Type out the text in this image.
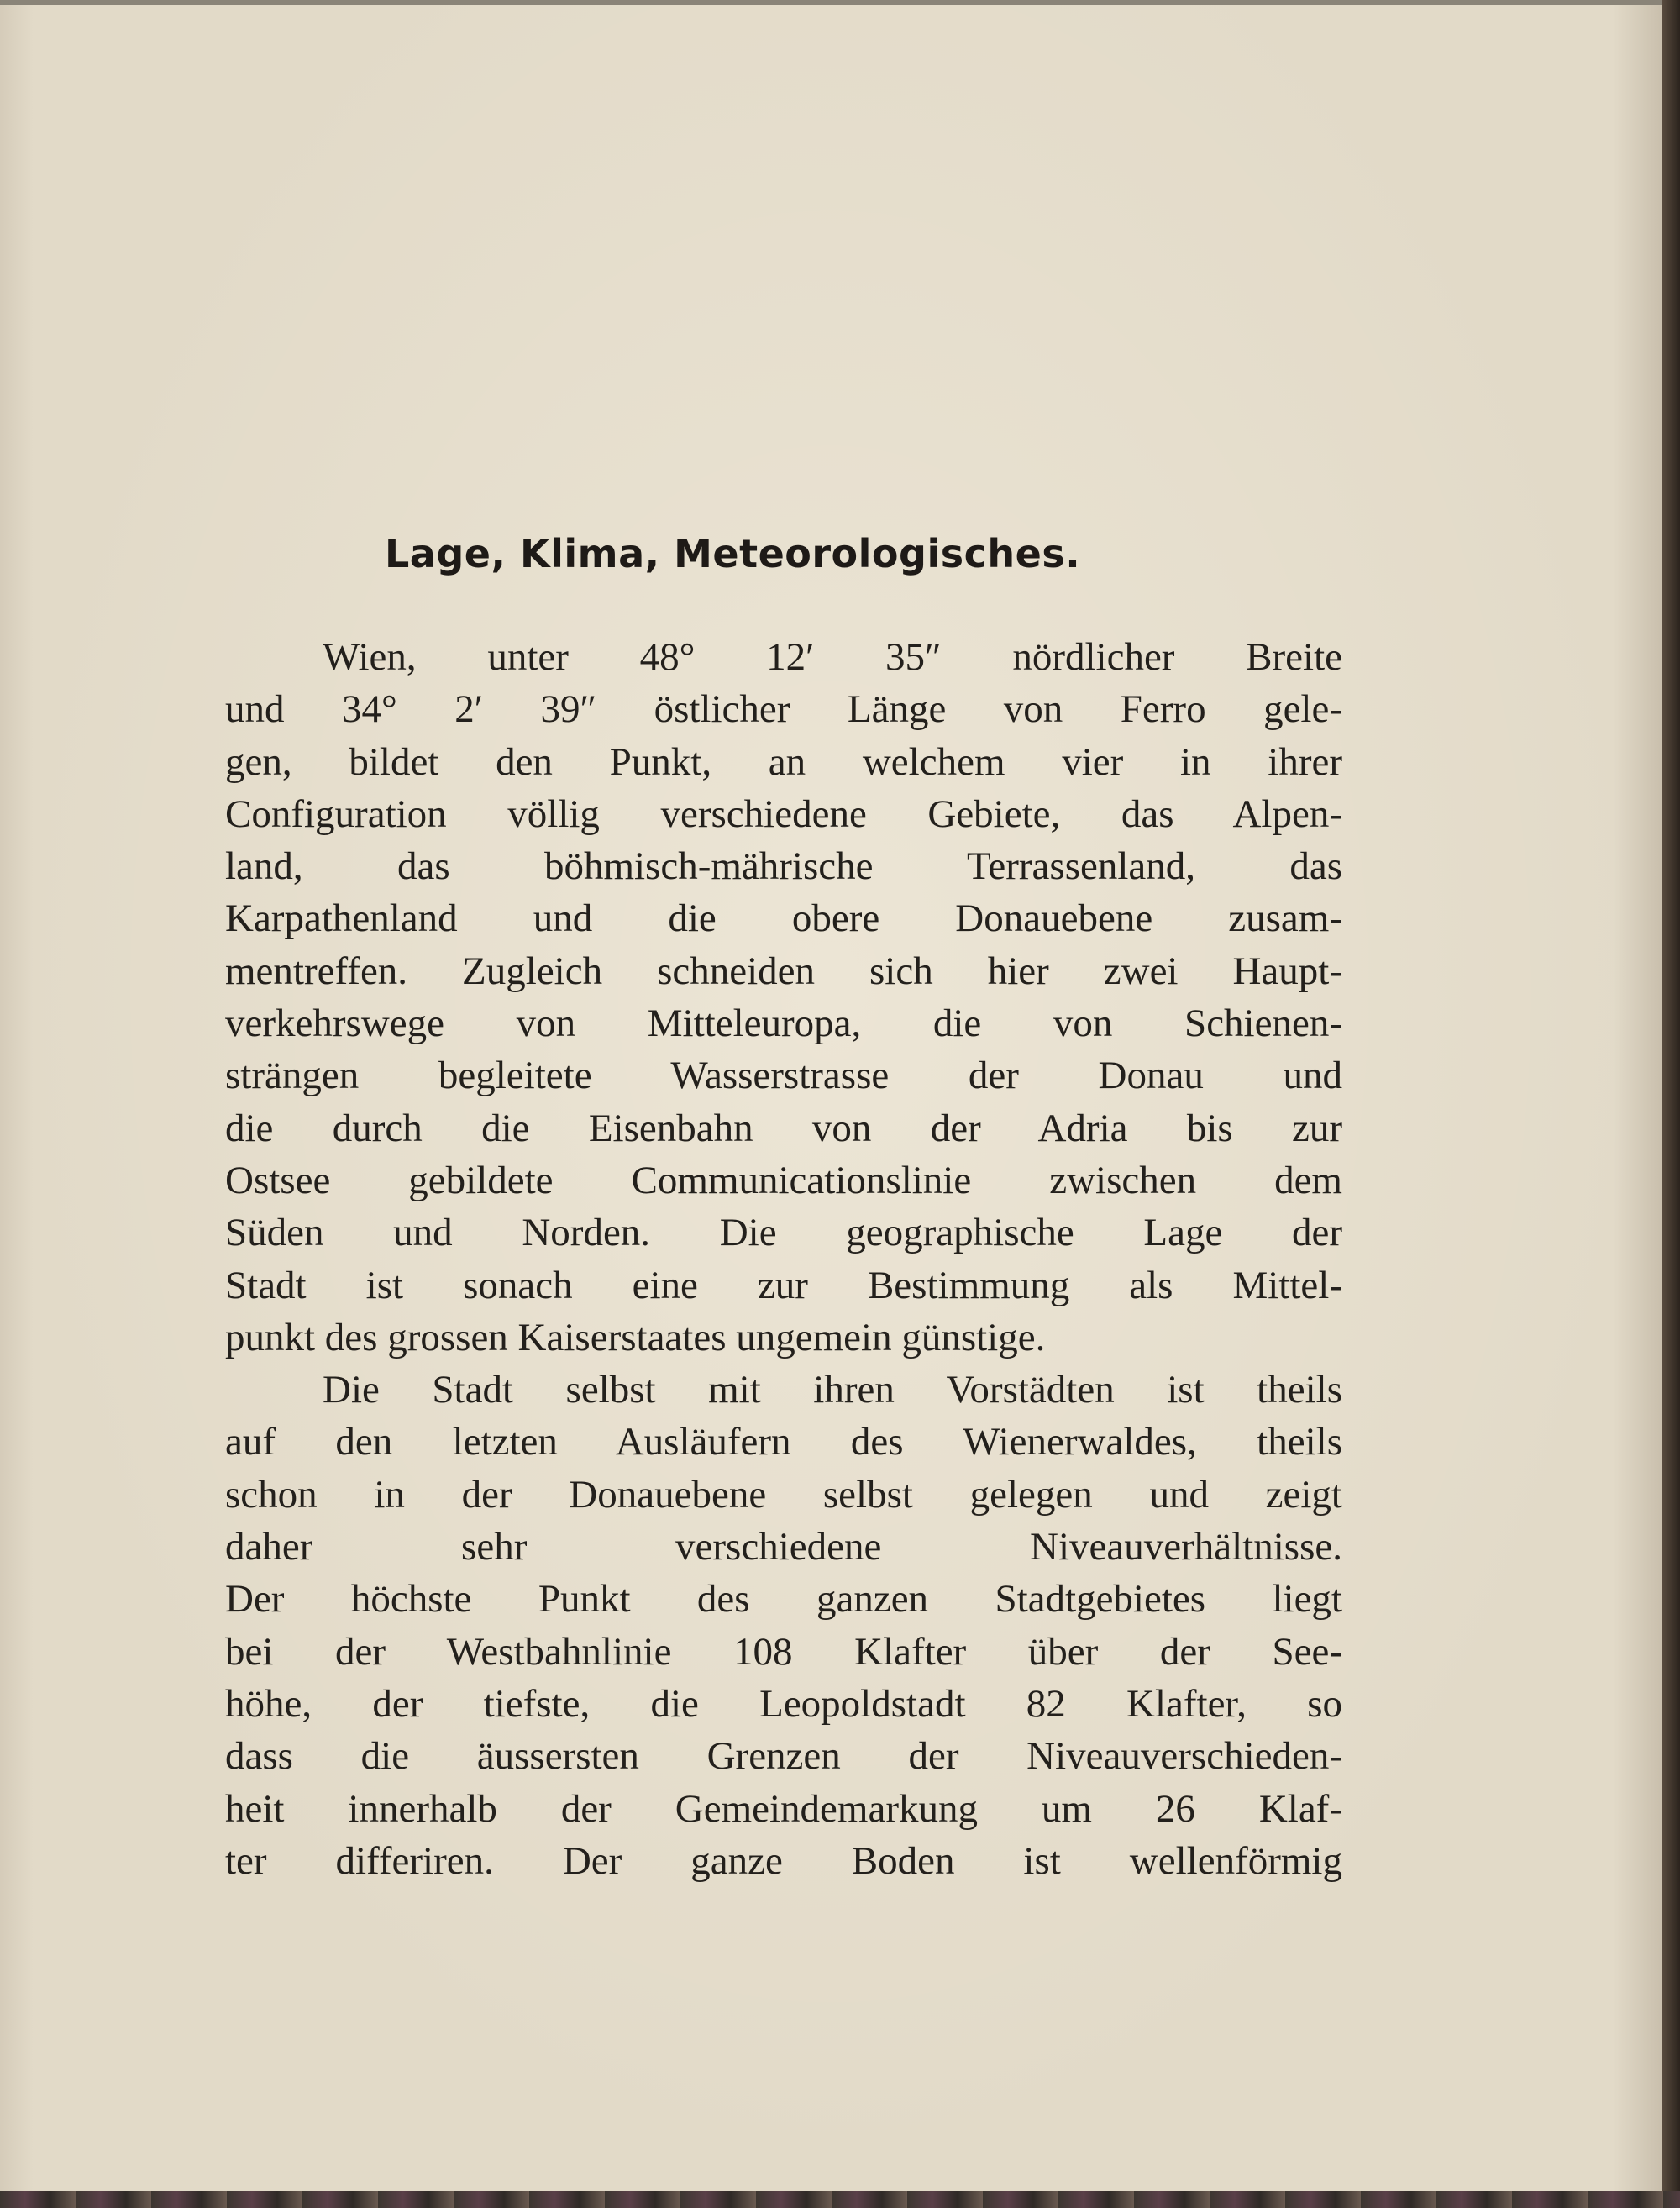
Lage, Klima, Meteorologisches.
Wien, unter 48° 12′ 35″ nördlicher Breite
und 34° 2′ 39″ östlicher Länge von Ferro gele-
gen, bildet den Punkt, an welchem vier in ihrer
Configuration völlig verschiedene Gebiete, das Alpen-
land, das böhmisch-mährische Terrassenland, das
Karpathenland und die obere Donauebene zusam-
mentreffen. Zugleich schneiden sich hier zwei Haupt-
verkehrswege von Mitteleuropa, die von Schienen-
strängen begleitete Wasserstrasse der Donau und
die durch die Eisenbahn von der Adria bis zur
Ostsee gebildete Communicationslinie zwischen dem
Süden und Norden. Die geographische Lage der
Stadt ist sonach eine zur Bestimmung als Mittel-
punkt des grossen Kaiserstaates ungemein günstige.
Die Stadt selbst mit ihren Vorstädten ist theils
auf den letzten Ausläufern des Wienerwaldes, theils
schon in der Donauebene selbst gelegen und zeigt
daher sehr verschiedene Niveauverhältnisse.
Der höchste Punkt des ganzen Stadtgebietes liegt
bei der Westbahnlinie 108 Klafter über der See-
höhe, der tiefste, die Leopoldstadt 82 Klafter, so
dass die äussersten Grenzen der Niveauverschieden-
heit innerhalb der Gemeindemarkung um 26 Klaf-
ter differiren. Der ganze Boden ist wellenförmig
